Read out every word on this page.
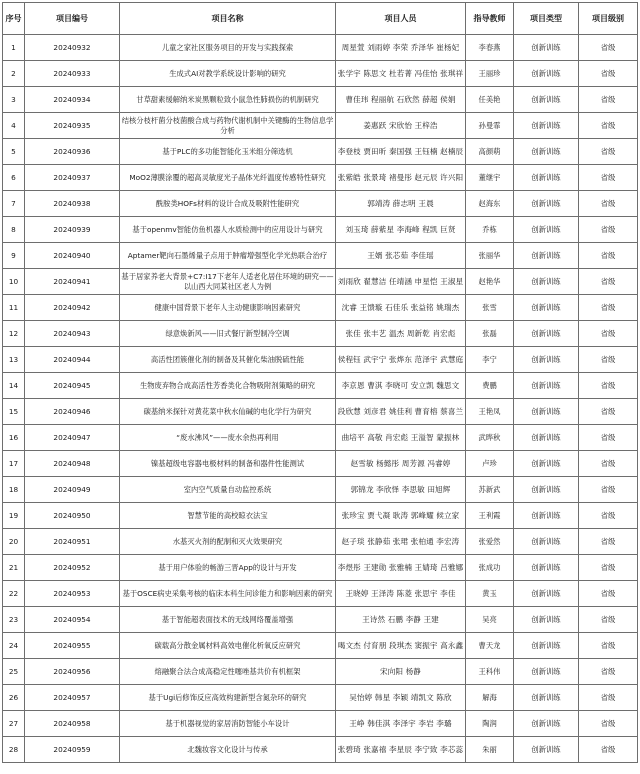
序号	项目编号	项目名称	项目人员	指导教师	项目类型	项目级别
1	20240932	儿童之家社区服务项目的开发与实践探索	周星萱 刘雨婷 李荣 乔泽华 崔杨妃	李春燕	创新训练	省级
2	20240933	生成式AI对教学系统设计影响的研究	张学宇 陈思文 杜若菁 冯佳怡 张琪祥	王丽珍	创新训练	省级
3	20240934	甘草甜素缓解纳米炭黑颗粒致小鼠急性肺损伤的机制研究	曹佳玮 程丽航 石欣然 薛超 侯娟	任美艳	创新训练	省级
4	20240935	结核分枝杆菌分枝菌酸合成与药物代谢机制中关键酶的生物信息学分析	姜惠跃 宋欣怡 王梓浩	孙曼霏	创新训练	省级
5	20240936	基于PLC的多功能智能化玉米组分筛选机	李登枝 贾田昕 秦国强 王钰楠 赵楠辰	高颜萌	创新训练	省级
6	20240937	MoO2薄膜涂覆的超高灵敏度光子晶体光纤温度传感特性研究	张紫皓 张景琦 褚曼彤 赵元辰 许兴阳	董继宇	创新训练	省级
7	20240938	酰胺类HOFs材料的设计合成及吸附性能研究	郭靖涛 薛志明 王晨	赵海东	创新训练	省级
8	20240939	基于openmv智能仿鱼机器人水质检测中的应用设计与研究	刘玉琦 薛紫星 李海峰 程凯 巨贤	乔栋	创新训练	省级
9	20240940	Aptamer靶向石墨烯量子点用于肿瘤增强型化学光热联合治疗	王婿 张芯茹 李佳瑶	张丽华	创新训练	省级
10	20240941	基于居家养老大背景+C7:I17下老年人适老化居住环境的研究——以山西大同某社区老人为例	刘雨欣 翟慧洁 任靖涵 申星恺 王淑星	赵艳华	创新训练	省级
11	20240942	健康中国背景下老年人主动健康影响因素研究	沈睿 王馈璇 石佳乐 张益铭 姚瑞杰	张雪	创新训练	省级
12	20240943	绿意焕新风——旧式餐厅新型制冷空调	张佳 张丰艺 温杰 周新乾 肖宏彪	张磊	创新训练	省级
13	20240944	高活性团簇催化剂的制备及其催化柴油脱硫性能	侯程钰 武宇宁 张烨东 范泽宇 武慧庭	李宁	创新训练	省级
14	20240945	生物废弃物合成高活性芳香类化合物吸附剂策略的研究	李京恩 曹淇 李晓可 安立凯 魏思文	费鹏	创新训练	省级
15	20240946	碳基纳米探针对黄花菜中秋水仙碱的电化学行为研究	段欣慧 刘彦君 姚佳利 曹育榕 蔡喜兰	王艳凤	创新训练	省级
16	20240947	“废水沸风”——废水余热再利用	曲培平 高敬 肖宏彪 王溢智 蒙振林	武晔秋	创新训练	省级
17	20240948	镍基超级电容器电极材料的制备和器件性能测试	赵雪敏 杨懿彤 周芳源 冯睿婷	卢珍	创新训练	省级
18	20240949	室内空气质量自动监控系统	郭锦龙 李欣怿 李思敏 田旭辉	苏新武	创新训练	省级
19	20240950	智慧节能的高校晾衣法宝	张珍宝 贾弋凝 耿涛 郭峰耀 候立家	王利霞	创新训练	省级
20	20240951	水基灭火剂的配制和灭火效果研究	赵子琰 张静茹 张珺 张柏通 李宏涛	张爱然	创新训练	省级
21	20240952	基于用户体验的畅游三晋App的设计与开发	李煜彤 王建勋 张雅楠 王婧琦 吕雅娜	张成功	创新训练	省级
22	20240953	基于OSCE病史采集考核的临床本科生问诊能力和影响因素的研究	王晓婷 王泽涛 陈菱 张思宇 李佳	黄玉	创新训练	省级
23	20240954	基于智能超表面技术的无线网络覆盖增强	王诗然 石鹏 李静 王建	吴亮	创新训练	省级
24	20240955	碳载高分散金属材料高效电催化析氧反应研究	喝文杰 付育朋 段琪杰 窦振宇 高永鑫	曹天龙	创新训练	省级
25	20240956	熔融聚合法合成高稳定性噻唑基共价有机框架	宋向阳 杨静	王科伟	创新训练	省级
26	20240957	基于Ugi后修饰反应高效构建新型含氮杂环的研究	吴怡婷 韩星 李颖 靖凯文 陈欣	解海	创新训练	省级
27	20240958	基于机器视觉的家居消防智能小车设计	王峥 韩佳淇 李泽宇 李岩 李璐	陶润	创新训练	省级
28	20240959	北魏妆容文化设计与传承	张碧琦 张嘉禧 李星辰 李宁致 李芯蕊	朱丽	创新训练	省级
